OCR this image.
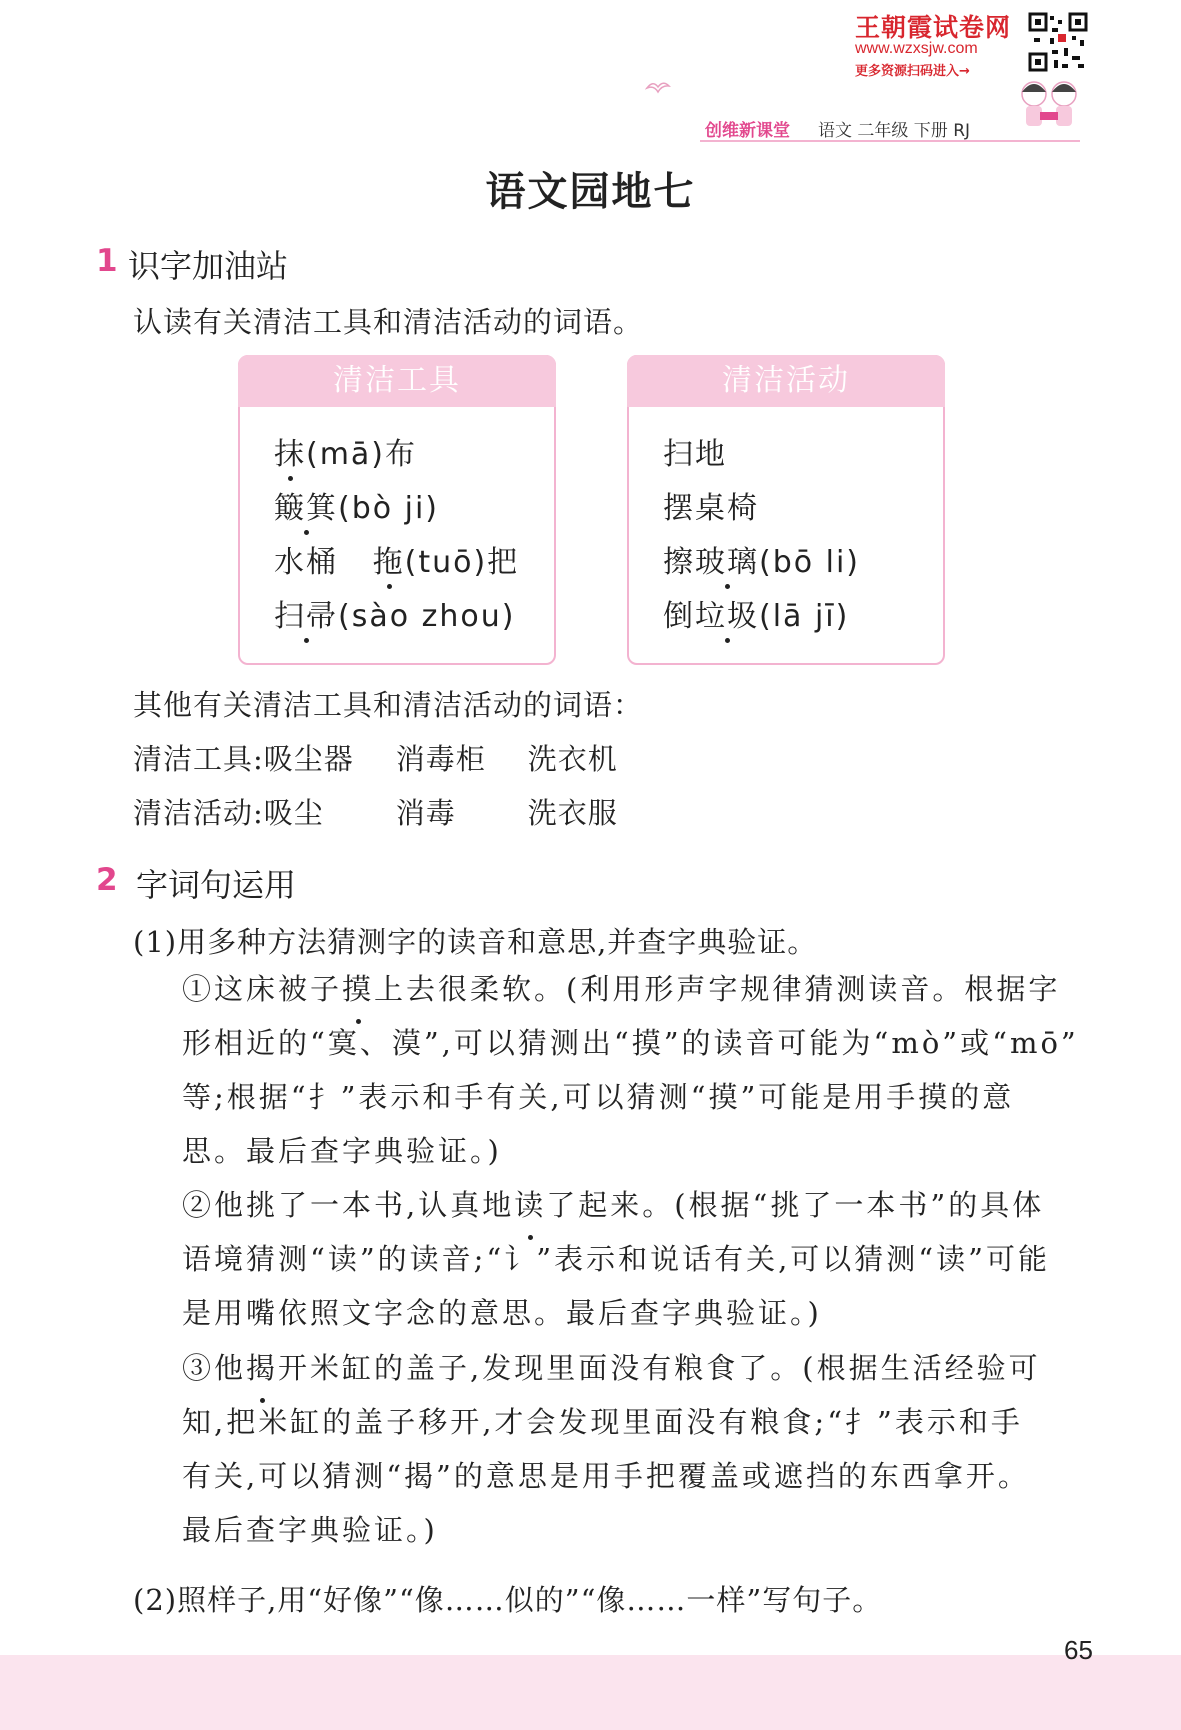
王朝霞试卷网
www.wzxsjw.com
更多资源扫码进入→
创维新课堂 语文 二年级 下册 RJ
语文园地七
1 识字加油站
认读有关清洁工具和清洁活动的词语。
清洁工具
抹(mā)布
簸箕(bò ji)
水桶   拖(tuō)把
扫帚(sào zhou)
清洁活动
扫地
摆桌椅
擦玻璃(bō li)
倒垃圾(lā jī)
其他有关清洁工具和清洁活动的词语：
清洁工具:吸尘器 消毒柜 洗衣机
清洁活动:吸尘 消毒 洗衣服
2 字词句运用
(1)用多种方法猜测字的读音和意思,并查字典验证。
①这床被子摸上去很柔软。(利用形声字规律猜测读音。根据字
形相近的“寞、漠”,可以猜测出“摸”的读音可能为“mò”或“mō”
等;根据“扌”表示和手有关,可以猜测“摸”可能是用手摸的意
思。最后查字典验证。)
②他挑了一本书,认真地读了起来。(根据“挑了一本书”的具体
语境猜测“读”的读音;“讠”表示和说话有关,可以猜测“读”可能
是用嘴依照文字念的意思。最后查字典验证。)
③他揭开米缸的盖子,发现里面没有粮食了。(根据生活经验可
知,把米缸的盖子移开,才会发现里面没有粮食;“扌”表示和手
有关,可以猜测“揭”的意思是用手把覆盖或遮挡的东西拿开。
最后查字典验证。)
(2)照样子,用“好像”“像……似的”“像……一样”写句子。
65
